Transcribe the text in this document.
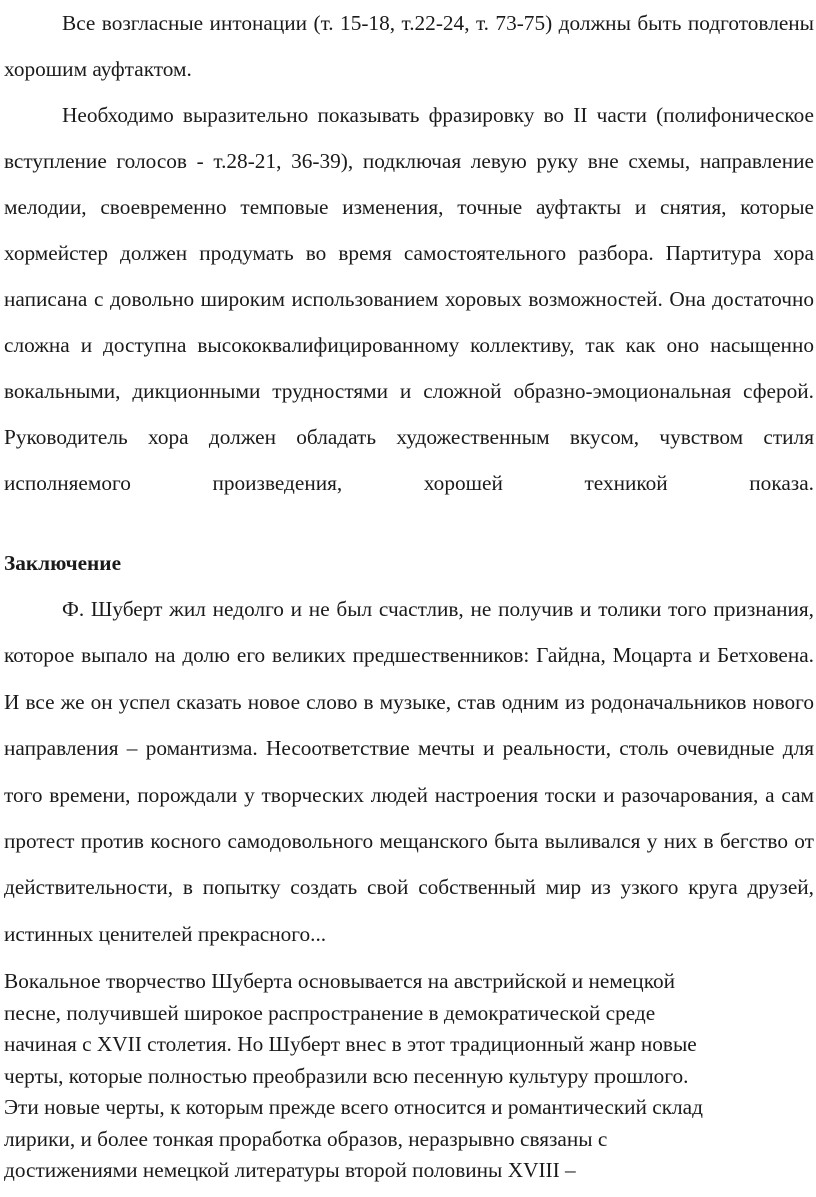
Все возгласные интонации (т. 15-18, т.22-24, т. 73-75) должны быть подготовлены хорошим ауфтактом.

Необходимо выразительно показывать фразировку во II части (полифоническое вступление голосов - т.28-21, 36-39), подключая левую руку вне схемы, направление мелодии, своевременно темповые изменения, точные ауфтакты и снятия, которые хормейстер должен продумать во время самостоятельного разбора. Партитура хора написана с довольно широким использованием хоровых возможностей. Она достаточно сложна и доступна высококвалифицированному коллективу, так как оно насыщенно вокальными, дикционными трудностями и сложной образно-эмоциональная сферой. Руководитель хора должен обладать художественным вкусом, чувством стиля исполняемого произведения, хорошей техникой показа.

Заключение

Ф. Шуберт жил недолго и не был счастлив, не получив и толики того признания, которое выпало на долю его великих предшественников: Гайдна, Моцарта и Бетховена. И все же он успел сказать новое слово в музыке, став одним из родоначальников нового направления – романтизма. Несоответствие мечты и реальности, столь очевидные для того времени, порождали у творческих людей настроения тоски и разочарования, а сам протест против косного самодовольного мещанского быта выливался у них в бегство от действительности, в попытку создать свой собственный мир из узкого круга друзей, истинных ценителей прекрасного...

Вокальное творчество Шуберта основывается на австрийской и немецкой
песне, получившей широкое распространение в демократической среде
начиная с XVII столетия. Но Шуберт внес в этот традиционный жанр новые
черты, которые полностью преобразили всю песенную культуру прошлого.
Эти новые черты, к которым прежде всего относится и романтический склад
лирики, и более тонкая проработка образов, неразрывно связаны с
достижениями немецкой литературы второй половины XVIII –
